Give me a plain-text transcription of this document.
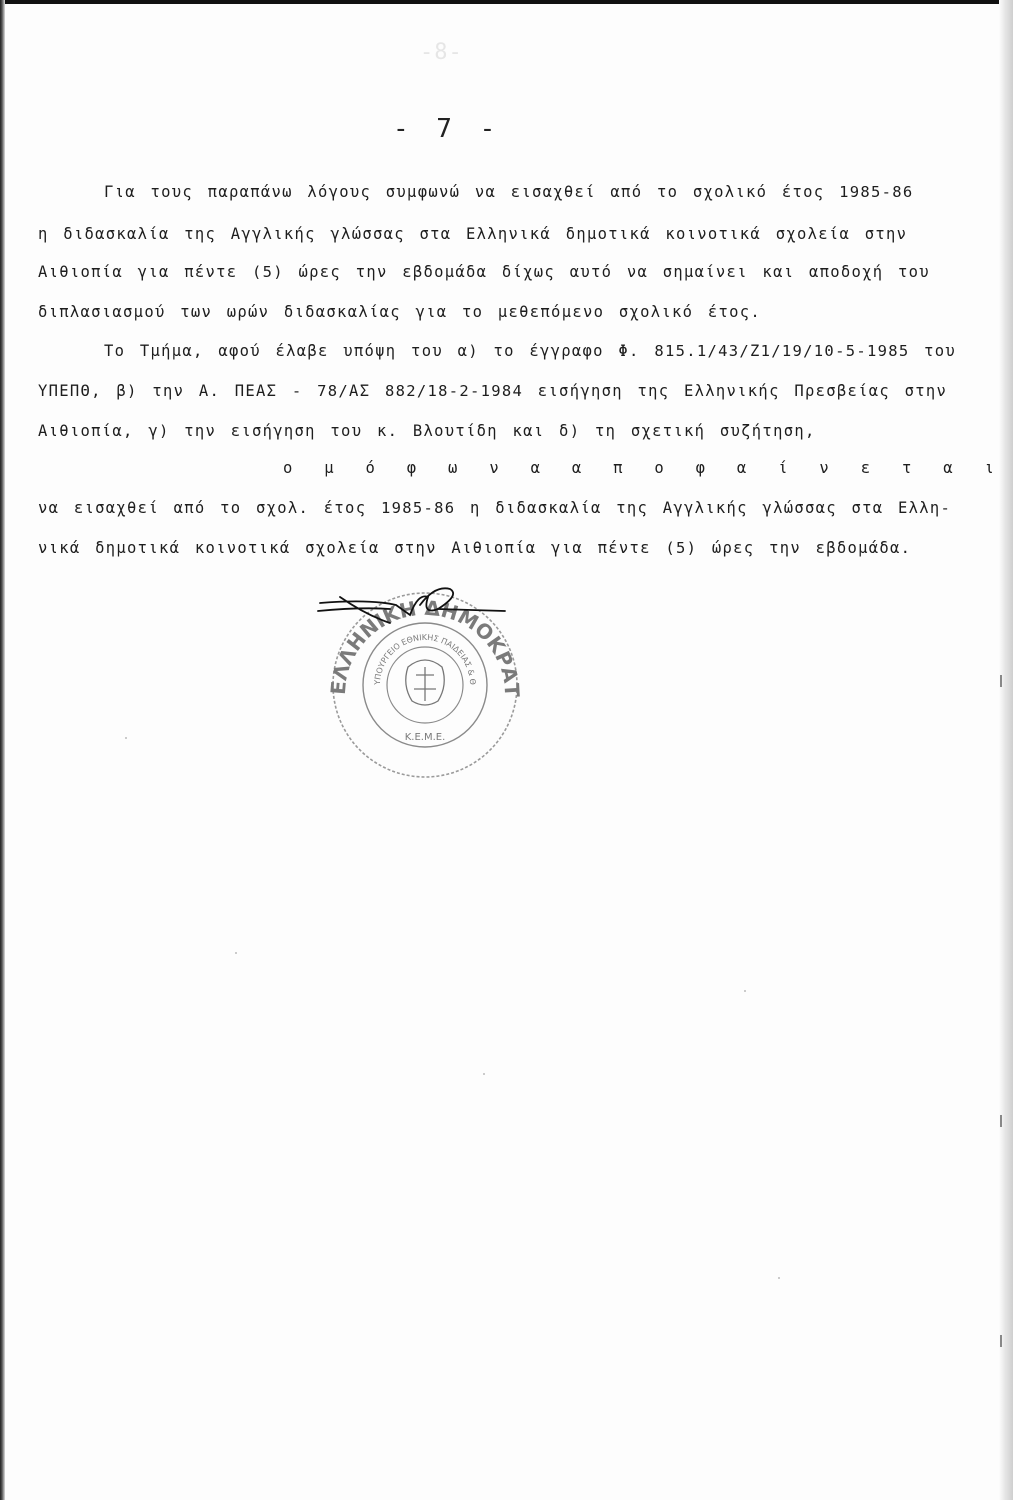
-8-
- 7 -
Για τους παραπάνω λόγους συμφωνώ να εισαχθεί από το σχολικό έτος 1985-86
η διδασκαλία της Αγγλικής γλώσσας στα Ελληνικά δημοτικά κοινοτικά σχολεία στην
Αιθιοπία για πέντε (5) ώρες την εβδομάδα δίχως αυτό να σημαίνει και αποδοχή του
διπλασιασμού των ωρών διδασκαλίας για το μεθεπόμενο σχολικό έτος.
Το Τμήμα, αφού έλαβε υπόψη του α) το έγγραφο Φ. 815.1/43/Ζ1/19/10-5-1985 του
ΥΠΕΠΘ, β) την Α. ΠΕΑΣ - 78/ΑΣ 882/18-2-1984 εισήγηση της Ελληνικής Πρεσβείας στην
Αιθιοπία, γ) την εισήγηση του κ. Βλουτίδη και δ) τη σχετική συζήτηση,
ο μ ό φ ω ν α α π ο φ α ί ν ε τ α ι
να εισαχθεί από το σχολ. έτος 1985-86 η διδασκαλία της Αγγλικής γλώσσας στα Ελλη-
νικά δημοτικά κοινοτικά σχολεία στην Αιθιοπία για πέντε (5) ώρες την εβδομάδα.
ΕΛΛΗΝΙΚΗ ΔΗΜΟΚΡΑΤ
ΥΠΟΥΡΓΕΙΟ ΕΘΝΙΚΗΣ ΠΑΙΔΕΙΑΣ & Θ
Κ.Ε.Μ.Ε.
